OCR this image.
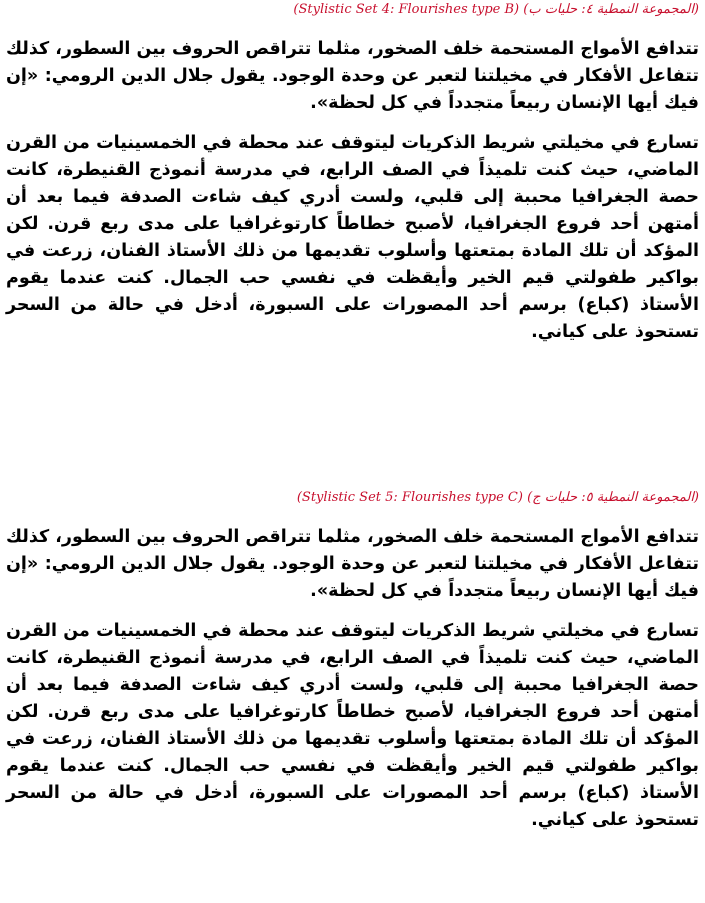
(المجموعة النمطية ٤: حليات ب) (Stylistic Set 4: Flourishes type B)

تتدافع الأمواج المستحمة خلف الصخور، مثلما تتراقص الحروف بين السطور، كذلك تتفاعل الأفكار في مخيلتنا لتعبر عن وحدة الوجود. يقول جلال الدين الرومي: «إن فيك أيها الإنسان ربيعاً متجدداً في كل لحظة».

تسارع في مخيلتي شريط الذكريات ليتوقف عند محطة في الخمسينيات من القرن الماضي، حيث كنت تلميذاً في الصف الرابع، في مدرسة أنموذج القنيطرة، كانت حصة الجغرافيا محببة إلى قلبي، ولست أدري كيف شاءت الصدفة فيما بعد أن أمتهن أحد فروع الجغرافيا، لأصبح خطاطاً كارتوغرافيا على مدى ربع قرن. لكن المؤكد أن تلك المادة بمتعتها وأسلوب تقديمها من ذلك الأستاذ الفنان، زرعت في بواكير طفولتي قيم الخير وأيقظت في نفسي حب الجمال. كنت عندما يقوم الأستاذ (كباع) برسم أحد المصورات على السبورة، أدخل في حالة من السحر تستحوذ على كياني.

(المجموعة النمطية ٥: حليات ج) (Stylistic Set 5: Flourishes type C)

تتدافع الأمواج المستحمة خلف الصخور، مثلما تتراقص الحروف بين السطور، كذلك تتفاعل الأفكار في مخيلتنا لتعبر عن وحدة الوجود. يقول جلال الدين الرومي: «إن فيك أيها الإنسان ربيعاً متجدداً في كل لحظة».

تسارع في مخيلتي شريط الذكريات ليتوقف عند محطة في الخمسينيات من القرن الماضي، حيث كنت تلميذاً في الصف الرابع، في مدرسة أنموذج القنيطرة، كانت حصة الجغرافيا محببة إلى قلبي، ولست أدري كيف شاءت الصدفة فيما بعد أن أمتهن أحد فروع الجغرافيا، لأصبح خطاطاً كارتوغرافيا على مدى ربع قرن. لكن المؤكد أن تلك المادة بمتعتها وأسلوب تقديمها من ذلك الأستاذ الفنان، زرعت في بواكير طفولتي قيم الخير وأيقظت في نفسي حب الجمال. كنت عندما يقوم الأستاذ (كباع) برسم أحد المصورات على السبورة، أدخل في حالة من السحر تستحوذ على كياني.
